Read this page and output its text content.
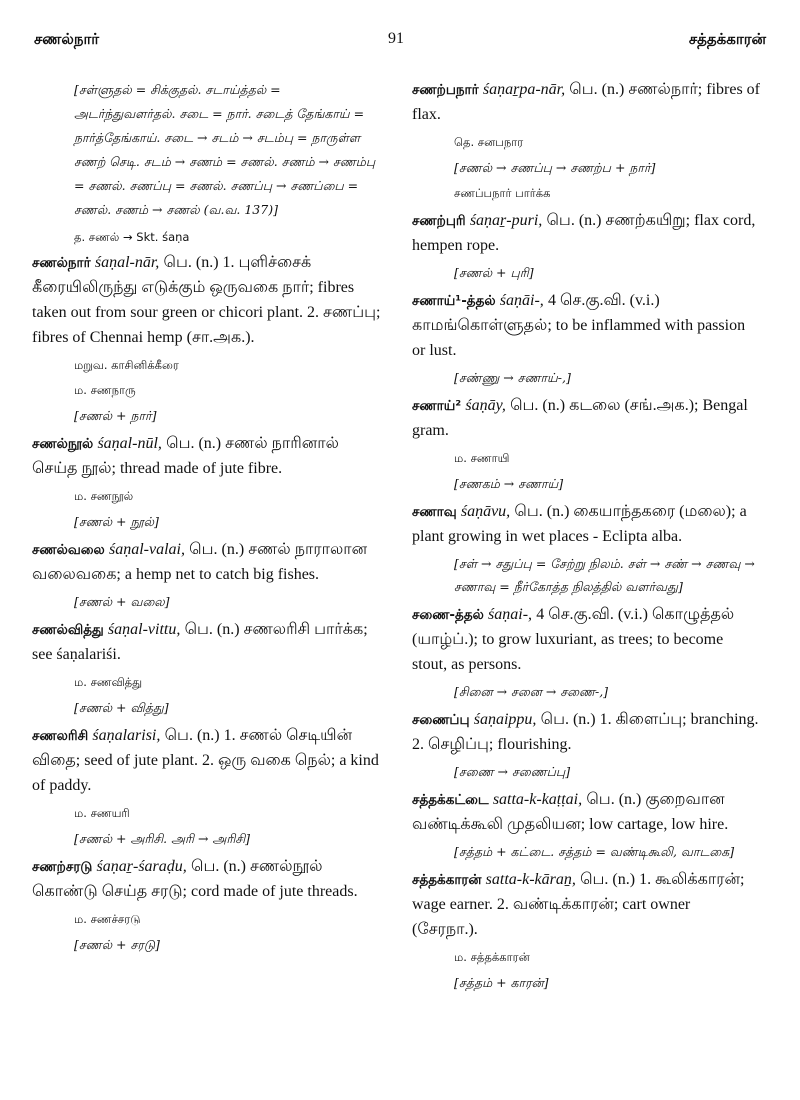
சணல்நார்	91	சத்தக்காரன்
[சள்ளுதல் = சிக்குதல். சடாய்த்தல் = அடர்ந்துவளர்தல். சடை = நார். சடைத் தேங்காய் = நார்த்தேங்காய். சடை → சடம் → சடம்பு = நாருள்ள சணற் செடி. சடம் → சணம் = சணல். சணம் → சணம்பு = சணல். சணப்பு = சணல். சணப்பு → சணப்பை = சணல். சணம் → சணல் (வ.வ. 137)]
த. சணல் → Skt. śaṇa
சணல்நார் śaṇal-nār, பெ. (n.) 1. புளிச்சைக் கீரையிலிருந்து எடுக்கும் ஒருவகை நார்; fibres taken out from sour green or chicori plant. 2. சணப்பு; fibres of Chennai hemp (சா.அக.).
மறுவ. காசினிக்கீரை
ம. சணநாரு
[சணல் + நார்]
சணல்நூல் śaṇal-nūl, பெ. (n.) சணல் நாரினால் செய்த நூல்; thread made of jute fibre.
ம. சணநூல்
[சணல் + நூல்]
சணல்வலை śaṇal-valai, பெ. (n.) சணல் நாராலான வலைவகை; a hemp net to catch big fishes.
[சணல் + வலை]
சணல்வித்து śaṇal-vittu, பெ. (n.) சணலரிசி பார்க்க; see śaṇalariśi.
ம. சணவித்து
[சணல் + வித்து]
சணலரிசி śaṇalarisi, பெ. (n.) 1. சணல் செடியின் விதை; seed of jute plant. 2. ஒரு வகை நெல்; a kind of paddy.
ம. சணயரி
[சணல் + அரிசி. அரி → அரிசி]
சணற்சரடு śaṇaṟ-śaraḍu, பெ. (n.) சணல்நூல் கொண்டு செய்த சரடு; cord made of jute threads.
ம. சணச்சரடு
[சணல் + சரடு]
சணற்பநார் śaṇaṟpa-nār, பெ. (n.) சணல்நார்; fibres of flax.
தெ. சனபநார
[சணல் → சணப்பு → சணற்ப + நார்]
சணப்பநார் பார்க்க
சணற்புரி śaṇaṟ-puri, பெ. (n.) சணற்கயிறு; flax cord, hempen rope.
[சணல் + புரி]
சணாய்¹-த்தல் śaṇāi-, 4 செ.கு.வி. (v.i.) காமங்கொள்ளுதல்; to be inflammed with passion or lust.
[சண்ணு → சணாய்-,]
சணாய்² śaṇāy, பெ. (n.) கடலை (சங்.அக.); Bengal gram.
ம. சணாயி
[சணகம் → சணாய்]
சணாவு śaṇāvu, பெ. (n.) கையாந்தகரை (மலை); a plant growing in wet places - Eclipta alba.
[சள் → சதுப்பு = சேற்று நிலம். சள் → சண் → சணவு → சணாவு = நீர்கோத்த நிலத்தில் வளர்வது]
சணை-த்தல் śaṇai-, 4 செ.கு.வி. (v.i.) கொழுத்தல் (யாழ்ப்.); to grow luxuriant, as trees; to become stout, as persons.
[சினை → சனை → சணை-,]
சணைப்பு śaṇaippu, பெ. (n.) 1. கிளைப்பு; branching. 2. செழிப்பு; flourishing.
[சணை → சணைப்பு]
சத்தக்கட்டை satta-k-kaṭṭai, பெ. (n.) குறைவான வண்டிக்கூலி முதலியன; low cartage, low hire.
[சத்தம் + கட்டை. சத்தம் = வண்டிகூலி, வாடகை]
சத்தக்காரன் satta-k-kāraṉ, பெ. (n.) 1. கூலிக்காரன்; wage earner. 2. வண்டிக்காரன்; cart owner (சேரநா.).
ம. சத்தக்காரன்
[சத்தம் + காரன்]
